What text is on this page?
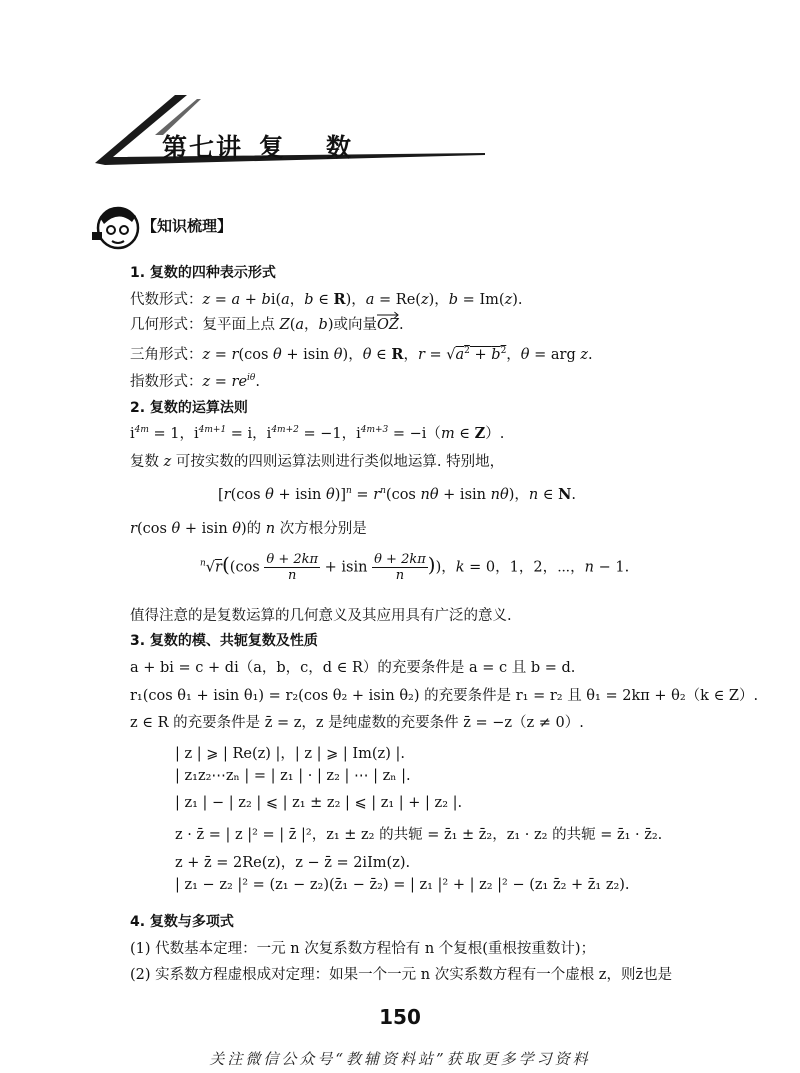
第七讲 复 数
【知识梳理】
1. 复数的四种表示形式
代数形式：z = a + bi(a，b ∈ R)，a = Re(z)，b = Im(z).
几何形式：复平面上点 Z(a，b)或向量OZ
.
三角形式：z = r(cos θ + isin θ)，θ ∈ R，$r = √a^2 + b^2$，θ = arg z.
指数形式：$z = re^{i\theta}$.
2. 复数的运算法则
$i^{4m} = 1$，$i^{4m+1} = i$，$i^{4m+2} = -1$，$i^{4m+3} = -i(m$ ∈ Z）.
复数 z 可按实数的四则运算法则进行类似地运算. 特别地，
[r(cos θ + isin $\theta)]^n = r^n(\cos$ nθ + isin nθ)，n ∈ N.
r(cos θ + isin θ)的 n 次方根分别是
$^n√r((\cos \frac{\theta + 2k\pi}{n} + isin \frac{\theta + 2k\pi}{n}$ ))，k = 0，1，2，⋯，n − 1.
值得注意的是复数运算的几何意义及其应用具有广泛的意义.
3. 复数的模、共轭复数及性质
a + bi = c + di（a，b，c，d ∈ R）的充要条件是 a = c 且 b = d.
r₁(cos θ₁ + isin θ₁) = r₂(cos θ₂ + isin θ₂) 的充要条件是 r₁ = r₂ 且 θ₁ = 2kπ + θ₂（k ∈ Z）.
z ∈ R 的充要条件是 z̄ = z，z 是纯虚数的充要条件 z̄ = −z（z ≠ 0）.
| z | ⩾ | Re(z) |，| z | ⩾ | Im(z) |.
| z₁z₂⋯zₙ | = | z₁ | · | z₂ | ⋯ | zₙ |.
| z₁ | − | z₂ | ⩽ | z₁ ± z₂ | ⩽ | z₁ | + | z₂ |.
z · z̄ = | z |² = | z̄ |²，z₁ ± z₂ 的共轭 = z̄₁ ± z̄₂，z₁ · z₂ 的共轭 = z̄₁ · z̄₂.
z + z̄ = 2Re(z)，z − z̄ = 2iIm(z).
| z₁ − z₂ |² = (z₁ − z₂)(z̄₁ − z̄₂) = | z₁ |² + | z₂ |² − (z₁ z̄₂ + z̄₁ z₂).
4. 复数与多项式
(1) 代数基本定理：一元 n 次复系数方程恰有 n 个复根(重根按重数计)；
(2) 实系数方程虚根成对定理：如果一个一元 n 次实系数方程有一个虚根 z，则z̄也是
150
关注微信公众号“教辅资料站”获取更多学习资料
